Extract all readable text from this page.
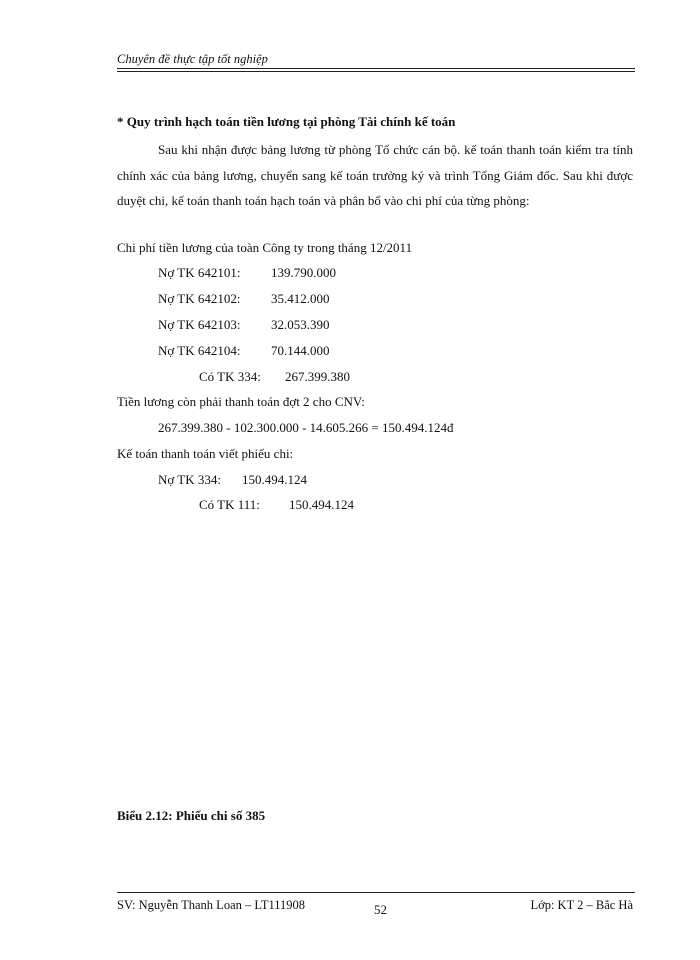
Chuyên đề thực tập tốt nghiệp
* Quy trình hạch toán tiền lương tại phòng Tài chính kế toán
Sau khi nhận được bảng lương từ phòng Tổ chức cán bộ. kế toán thanh toán kiểm tra tính chính xác của bảng lương, chuyển sang kế toán trưởng ký và trình Tổng Giám đốc. Sau khi được duyệt chi, kế toán thanh toán hạch toán và phân bổ vào chi phí của từng phòng:
Chi phí tiền lương của toàn Công ty trong tháng 12/2011
Nợ TK 642101: 139.790.000
Nợ TK 642102: 35.412.000
Nợ TK 642103: 32.053.390
Nợ TK 642104: 70.144.000
Có TK 334: 267.399.380
Tiền lương còn phải thanh toán đợt 2 cho CNV:
267.399.380 - 102.300.000 - 14.605.266 = 150.494.124đ
Kế toán thanh toán viết phiếu chi:
Nợ TK 334: 150.494.124
Có TK 111: 150.494.124
Biểu 2.12: Phiếu chi số 385
SV: Nguyễn Thanh Loan – LT111908	52	Lớp: KT 2 – Bắc Hà
